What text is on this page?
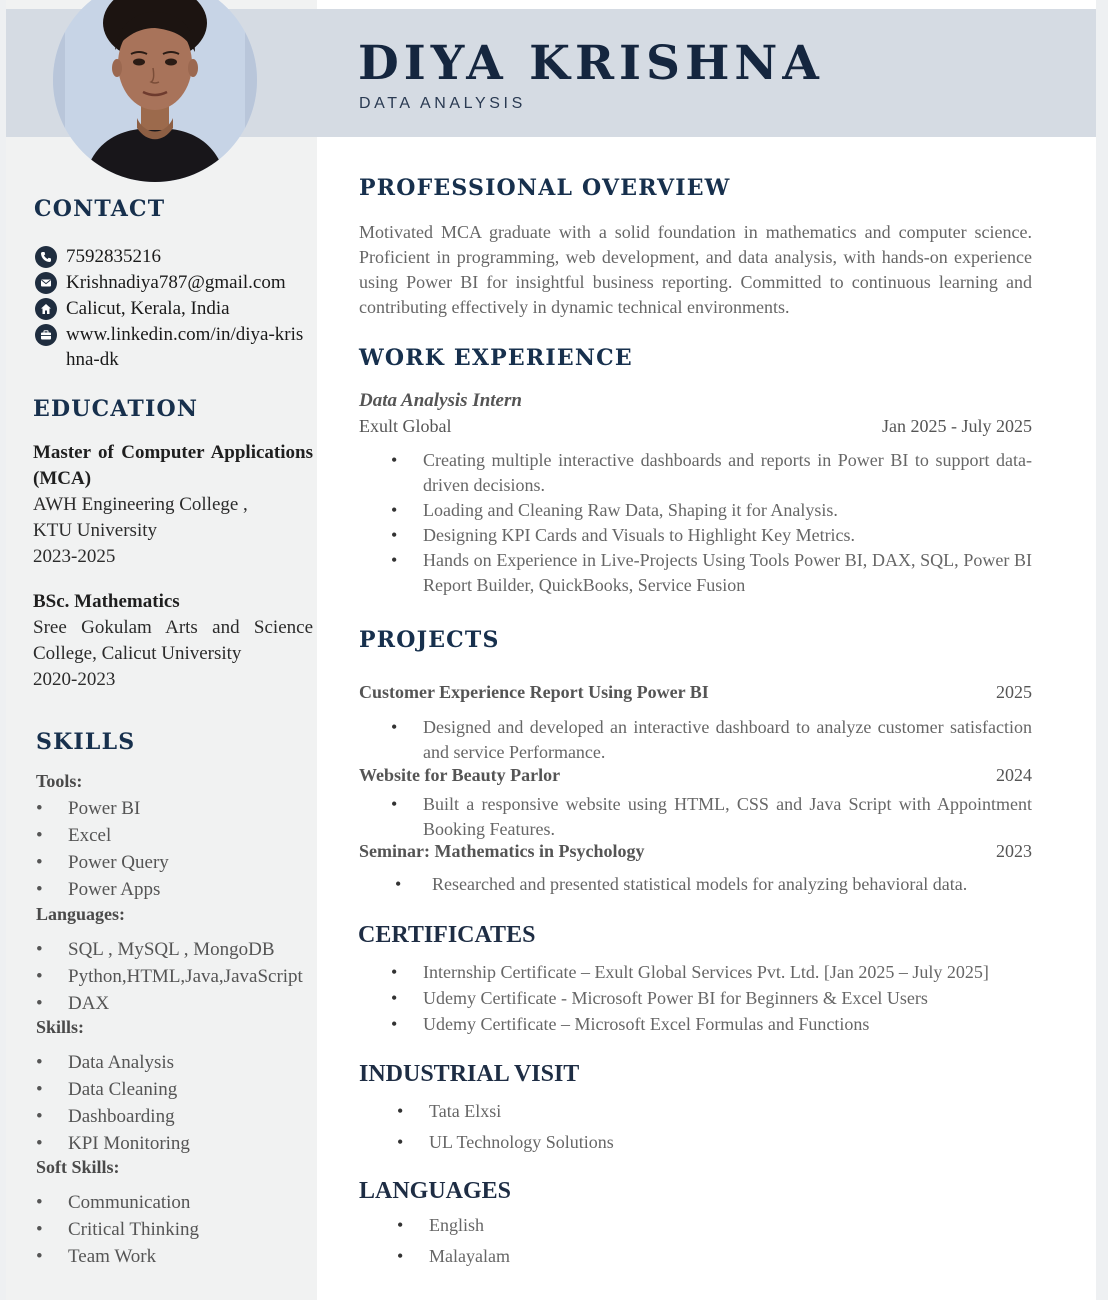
DIYA KRISHNA
DATA ANALYSIS
CONTACT
7592835216
Krishnadiya787@gmail.com
Calicut, Kerala, India
www.linkedin.com/in/diya-krishna-dk
EDUCATION
Master of Computer Applications (MCA)
AWH Engineering College ,
KTU University
2023-2025
BSc. Mathematics
Sree Gokulam Arts and Science College, Calicut University
2020-2023
SKILLS
Tools:
• Power BI
• Excel
• Power Query
• Power Apps
Languages:
• SQL , MySQL , MongoDB
• Python,HTML,Java,JavaScript
• DAX
Skills:
• Data Analysis
• Data Cleaning
• Dashboarding
• KPI Monitoring
Soft Skills:
• Communication
• Critical Thinking
• Team Work
PROFESSIONAL OVERVIEW
Motivated MCA graduate with a solid foundation in mathematics and computer science. Proficient in programming, web development, and data analysis, with hands-on experience using Power BI for insightful business reporting. Committed to continuous learning and contributing effectively in dynamic technical environments.
WORK EXPERIENCE
Data Analysis Intern
Exult Global	Jan 2025 - July 2025
• Creating multiple interactive dashboards and reports in Power BI to support data-driven decisions.
• Loading and Cleaning Raw Data, Shaping it for Analysis.
• Designing KPI Cards and Visuals to Highlight Key Metrics.
• Hands on Experience in Live-Projects Using Tools Power BI, DAX, SQL, Power BI Report Builder, QuickBooks, Service Fusion
PROJECTS
Customer Experience Report Using Power BI	2025
• Designed and developed an interactive dashboard to analyze customer satisfaction and service Performance.
Website for Beauty Parlor	2024
• Built a responsive website using HTML, CSS and Java Script with Appointment Booking Features.
Seminar: Mathematics in Psychology	2023
• Researched and presented statistical models for analyzing behavioral data.
CERTIFICATES
• Internship Certificate – Exult Global Services Pvt. Ltd. [Jan 2025 – July 2025]
• Udemy Certificate - Microsoft Power BI for Beginners & Excel Users
• Udemy Certificate – Microsoft Excel Formulas and Functions
INDUSTRIAL VISIT
• Tata Elxsi
• UL Technology Solutions
LANGUAGES
• English
• Malayalam
